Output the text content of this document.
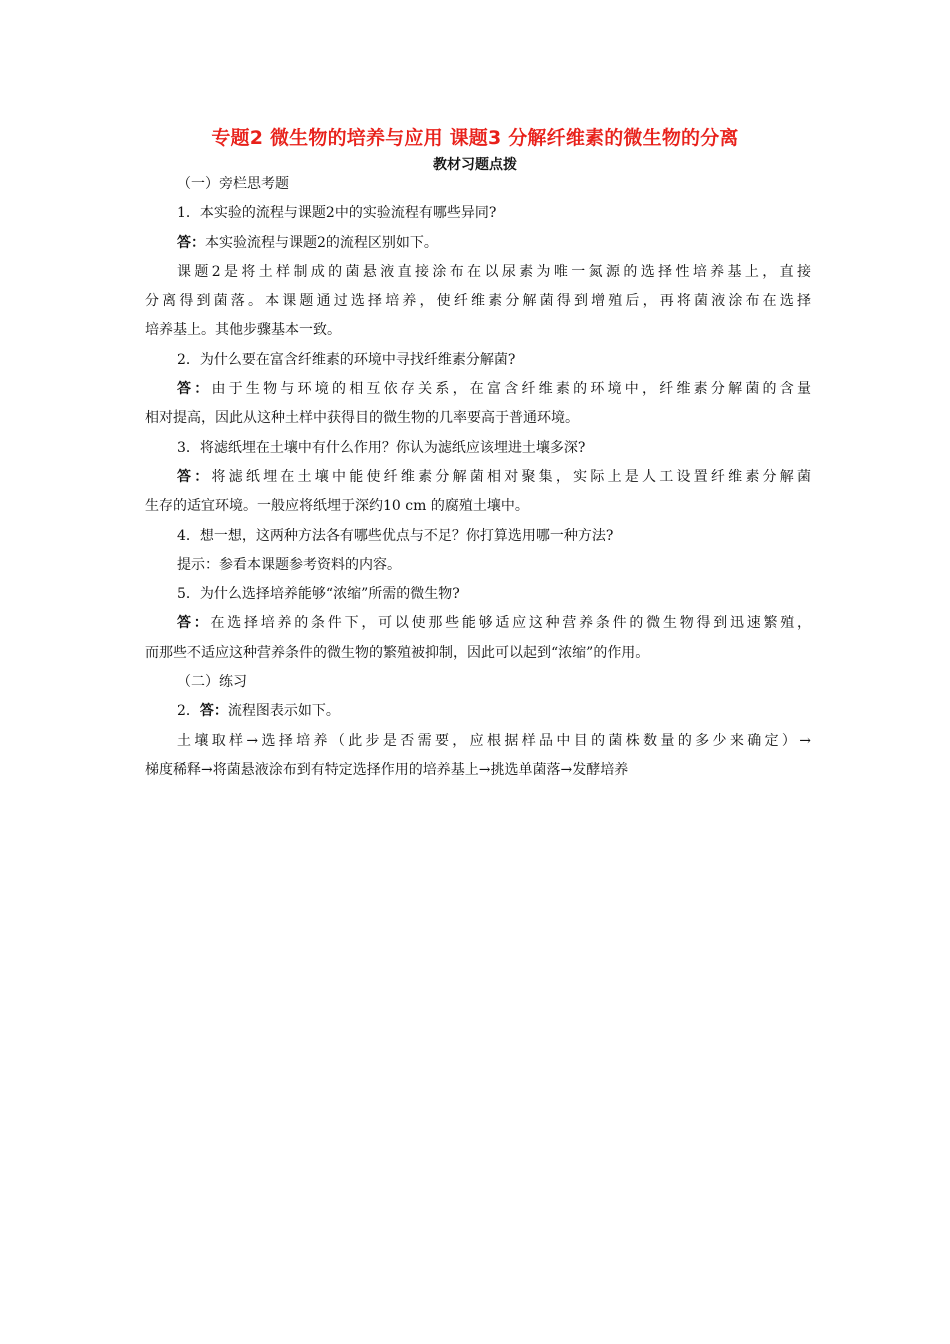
专题2 微生物的培养与应用 课题3 分解纤维素的微生物的分离
教材习题点拨
（一）旁栏思考题
1．本实验的流程与课题2中的实验流程有哪些异同?
答：本实验流程与课题2的流程区别如下。
课题2是将土样制成的菌悬液直接涂布在以尿素为唯一氮源的选择性培养基上，直接
分离得到菌落。本课题通过选择培养，使纤维素分解菌得到增殖后，再将菌液涂布在选择
培养基上。其他步骤基本一致。
2．为什么要在富含纤维素的环境中寻找纤维素分解菌?
答：由于生物与环境的相互依存关系，在富含纤维素的环境中，纤维素分解菌的含量
相对提高，因此从这种土样中获得目的微生物的几率要高于普通环境。
3．将滤纸埋在土壤中有什么作用？你认为滤纸应该埋进土壤多深?
答：将滤纸埋在土壤中能使纤维素分解菌相对聚集，实际上是人工设置纤维素分解菌
生存的适宜环境。一般应将纸埋于深约10 cm 的腐殖土壤中。
4．想一想，这两种方法各有哪些优点与不足？你打算选用哪一种方法?
提示：参看本课题参考资料的内容。
5．为什么选择培养能够“浓缩”所需的微生物?
答：在选择培养的条件下，可以使那些能够适应这种营养条件的微生物得到迅速繁殖，
而那些不适应这种营养条件的微生物的繁殖被抑制，因此可以起到“浓缩”的作用。
（二）练习
2．答：流程图表示如下。
土壤取样→选择培养（此步是否需要，应根据样品中目的菌株数量的多少来确定）→
梯度稀释→将菌悬液涂布到有特定选择作用的培养基上→挑选单菌落→发酵培养
